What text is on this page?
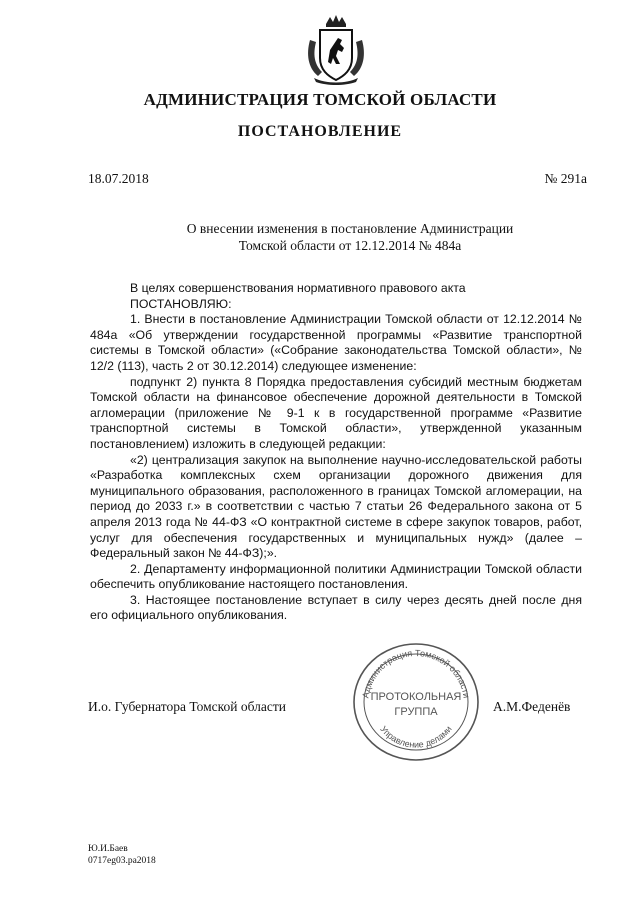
АДМИНИСТРАЦИЯ ТОМСКОЙ ОБЛАСТИ
ПОСТАНОВЛЕНИЕ
18.07.2018	№ 291а
О внесении изменения в постановление Администрации
Томской области от 12.12.2014 № 484а

В целях совершенствования нормативного правового акта

ПОСТАНОВЛЯЮ:

1. Внести в постановление Администрации Томской области от 12.12.2014 № 484а «Об утверждении государственной программы «Развитие транспортной системы в Томской области» («Собрание законодательства Томской области», № 12/2 (113), часть 2 от 30.12.2014) следующее изменение:

подпункт 2) пункта 8 Порядка предоставления субсидий местным бюджетам Томской области на финансовое обеспечение дорожной деятельности в Томской агломерации (приложение № 9-1 к в государственной программе «Развитие транспортной системы в Томской области», утвержденной указанным постановлением) изложить в следующей редакции:

«2) централизация закупок на выполнение научно-исследовательской работы «Разработка комплексных схем организации дорожного движения для муниципального образования, расположенного в границах Томской агломерации, на период до 2033 г.» в соответствии с частью 7 статьи 26 Федерального закона от 5 апреля 2013 года № 44-ФЗ «О контрактной системе в сфере закупок товаров, работ, услуг для обеспечения государственных и муниципальных нужд» (далее – Федеральный закон № 44-ФЗ);».

2. Департаменту информационной политики Администрации Томской области обеспечить опубликование настоящего постановления.

3. Настоящее постановление вступает в силу через десять дней после дня его официального опубликования.

И.о. Губернатора Томской области	А.М.Феденёв
Администрация Томской области
Управление делами
ПРОТОКОЛЬНАЯ
ГРУППА
Ю.И.Баев
0717eg03.pa2018
